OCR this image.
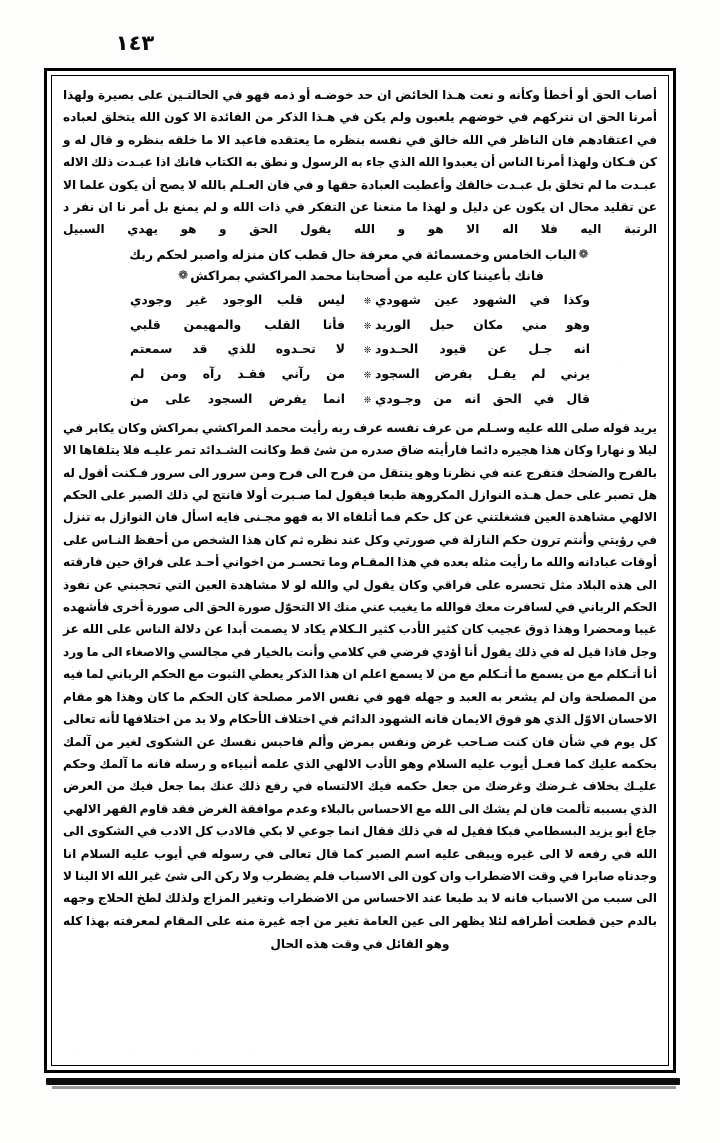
١٤٣

أصاب الحق أو أخطأ وكأنه و نعت هـذا الخائض ان حد خوضـه أو ذمه فهو في الحالتـين على بصيرة ولهذا أمرنا الحق ان نتركهم في خوضهم يلعبون ولم يكن في هـذا الذكر من الفائدة الا كون الله يتخلق لعباده في اعتقادهم فان الناظر في الله خالق في نفسه بنظره ما يعتقده فاعبد الا ما خلقه بنظره و قال له و كن فـكان ولهذا أمرنا الناس أن يعبدوا الله الذي جاء به الرسول و نطق به الكتاب فانك اذا عبـدت ذلك الاله عبـدت ما لم تخلق بل عبـدت خالقك وأعطيت العبادة حقها و في فان العـلم بالله لا يصح أن يكون علما الا عن تقليد محال ان يكون عن دليل و لهذا ما منعنا عن التفكر في ذات الله و لم يمنع بل أمر نا ان نفر د الرتبة اليه فلا اله الا هو و الله يقول الحق و هو يهدي السبيل

❁الباب الخامس وخمسمائة في معرفة حال قطب كان منزله واصبر لحكم ربك
فانك بأعيننا كان عليه من أصحابنا محمد المراكشي بمراكش❁
وكذا في الشهود عين شهودي
❊
ليس قلب الوجود غير وجودي
وهو مني مكان حبل الوريد
❊
فأنا القلب والمهيمن قلبي
انه جـل عن قيود الحـدود
❊
لا تحـدوه للذي قد سمعتم
يرني لم يفـل بفرض السجود
❊
من رآني فقـد رآه ومن لم
قال في الحق انه من وجـودي
❊
انما يفرض السجود على من

يريد قوله صلى الله عليه وسـلم من عرف نفسه عرف ربه رأيت محمد المراكشي بمراكش وكان يكابر في ليلا و نهارا وكان هذا هجيره دائما فارأيته ضاق صدره من شئ قط وكانت الشـدائد تمر عليـه فلا يتلقاها الا بالفرح والضحك فتفرج عنه في نظرنا وهو ينتقل من فرح الى فرح ومن سرور الى سرور فـكنت أقول له هل تصبر على حمل هـذه النوازل المكروهة طبعا فيقول لما صـبرت أولا فانتج لي ذلك الصبر على الحكم الالهي مشاهدة العين فشغلتني عن كل حكم فما أتلقاه الا به فهو مجـنى فايه اسأل فان النوازل به تنزل في رؤيتي وأنتم ترون حكم النازلة في صورتي وكل عند نظره ثم كان هذا الشخص من أحفظ النـاس على أوقات عبادانه والله ما رأيت مثله بعده في هذا المقـام وما تحسـر من اخواني أحـد على فراق حين فارقته الى هذه البلاد مثل تحسره على فراقي وكان يقول لي والله لو لا مشاهدة العين التي تحجبني عن نفوذ الحكم الرباني في لسافرت معك فوالله ما يغيب عني منك الا التحوّل صورة الحق الى صورة أخرى فأشهده غيبا ومحضرا وهذا ذوق عجيب كان كثير الأدب كثير الـكلام يكاد لا يصمت أبدا عن دلالة الناس على الله عز وجل فاذا قيل له في ذلك يقول أنا أؤدي فرضي في كلامي وأنت بالخيار في مجالسي والاصغاء الى ما ورد أنا أتـكلم مع من يسمع ما أتـكلم مع من لا يسمع اعلم ان هذا الذكر يعطي الثبوت مع الحكم الرباني لما فيه من المصلحة وان لم يشعر به العبد و جهله فهو في نفس الامر مصلحة كان الحكم ما كان وهذا هو مقام الاحسان الاوّل الذي هو فوق الايمان فانه الشهود الدائم في اختلاف الأحكام ولا بد من اختلافها لأنه تعالى كل يوم في شأن فان كنت صـاحب غرض ونفس بمرض وألم فاحبس نفسك عن الشكوى لغير من آلمك بحكمه عليك كما فعـل أيوب عليه السلام وهو الأدب الالهي الذي علمه أنبياءه و رسله فانه ما آلمك وحكم عليـك بخلاف غـرضك وغرضك من جعل حكمه فيك الالتساه في رفع ذلك عنك بما جعل فيك من العرض الذي بسببه تألمت فان لم يشك الى الله مع الاحساس بالبلاء وعدم موافقة الغرض فقد قاوم القهر الالهي جاع أبو يزيد البسطامي فبكا فقيل له في ذلك فقال انما جوعي لا بكي فالادب كل الادب في الشكوى الى الله في رفعه لا الى غيره ويبقى عليه اسم الصبر كما قال تعالى في رسوله في أيوب عليه السلام انا وجدناه صابرا في وقت الاضطراب وان كون الى الاسباب فلم يضطرب ولا ركن الى شئ غير الله الا الينا لا الى سبب من الاسباب فانه لا بد طبعا عند الاحساس من الاضطراب وتغير المزاج ولذلك لطخ الحلاج وجهه بالدم حين قطعت أطرافه لئلا يظهر الى عين العامة تغير من اجه غيرة منه على المقام لمعرفته بهذا كله

وهو القائل في وقت هذه الحال
